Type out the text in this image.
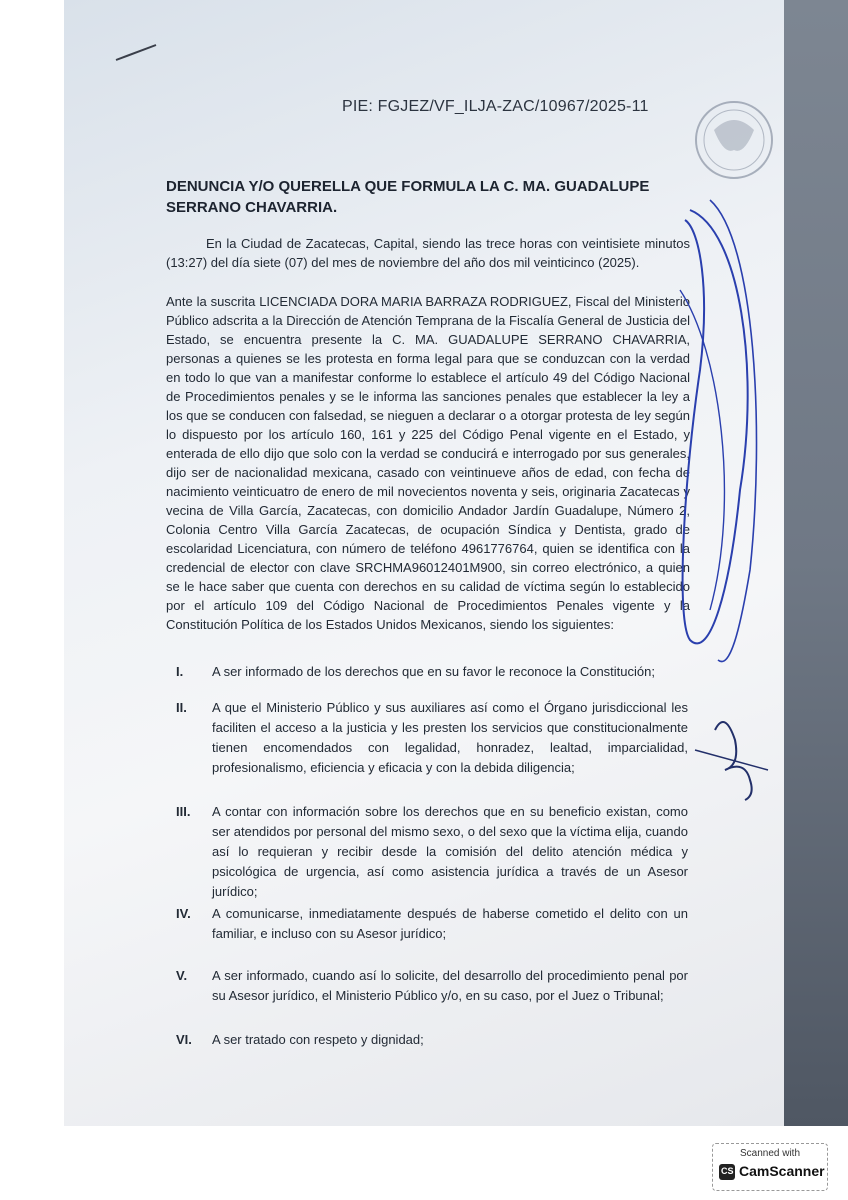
PIE: FGJEZ/VF_ILJA-ZAC/10967/2025-11
DENUNCIA Y/O QUERELLA QUE FORMULA LA C. MA. GUADALUPE SERRANO CHAVARRIA.
En la Ciudad de Zacatecas, Capital, siendo las trece horas con veintisiete minutos (13:27) del día siete (07) del mes de noviembre del año dos mil veinticinco (2025).
Ante la suscrita LICENCIADA DORA MARIA BARRAZA RODRIGUEZ, Fiscal del Ministerio Público adscrita a la Dirección de Atención Temprana de la Fiscalía General de Justicia del Estado, se encuentra presente la C. MA. GUADALUPE SERRANO CHAVARRIA, personas a quienes se les protesta en forma legal para que se conduzcan con la verdad en todo lo que van a manifestar conforme lo establece el artículo 49 del Código Nacional de Procedimientos penales y se le informa las sanciones penales que establecer la ley a los que se conducen con falsedad, se nieguen a declarar o a otorgar protesta de ley según lo dispuesto por los artículo 160, 161 y 225 del Código Penal vigente en el Estado, y enterada de ello dijo que solo con la verdad se conducirá e interrogado por sus generales, dijo ser de nacionalidad mexicana, casado con veintinueve años de edad, con fecha de nacimiento veinticuatro de enero de mil novecientos noventa y seis, originaria Zacatecas y vecina de Villa García, Zacatecas, con domicilio Andador Jardín Guadalupe, Número 2, Colonia Centro Villa García Zacatecas, de ocupación Síndica y Dentista, grado de escolaridad Licenciatura, con número de teléfono 4961776764, quien se identifica con la credencial de elector con clave SRCHMA96012401M900, sin correo electrónico, a quien se le hace saber que cuenta con derechos en su calidad de víctima según lo establecido por el artículo 109 del Código Nacional de Procedimientos Penales vigente y la Constitución Política de los Estados Unidos Mexicanos, siendo los siguientes:
I.	A ser informado de los derechos que en su favor le reconoce la Constitución;
II.	A que el Ministerio Público y sus auxiliares así como el Órgano jurisdiccional les faciliten el acceso a la justicia y les presten los servicios que constitucionalmente tienen encomendados con legalidad, honradez, lealtad, imparcialidad, profesionalismo, eficiencia y eficacia y con la debida diligencia;
III.	A contar con información sobre los derechos que en su beneficio existan, como ser atendidos por personal del mismo sexo, o del sexo que la víctima elija, cuando así lo requieran y recibir desde la comisión del delito atención médica y psicológica de urgencia, así como asistencia jurídica a través de un Asesor jurídico;
IV.	A comunicarse, inmediatamente después de haberse cometido el delito con un familiar, e incluso con su Asesor jurídico;
V.	A ser informado, cuando así lo solicite, del desarrollo del procedimiento penal por su Asesor jurídico, el Ministerio Público y/o, en su caso, por el Juez o Tribunal;
VI.	A ser tratado con respeto y dignidad;
Scanned with
CS CamScanner
